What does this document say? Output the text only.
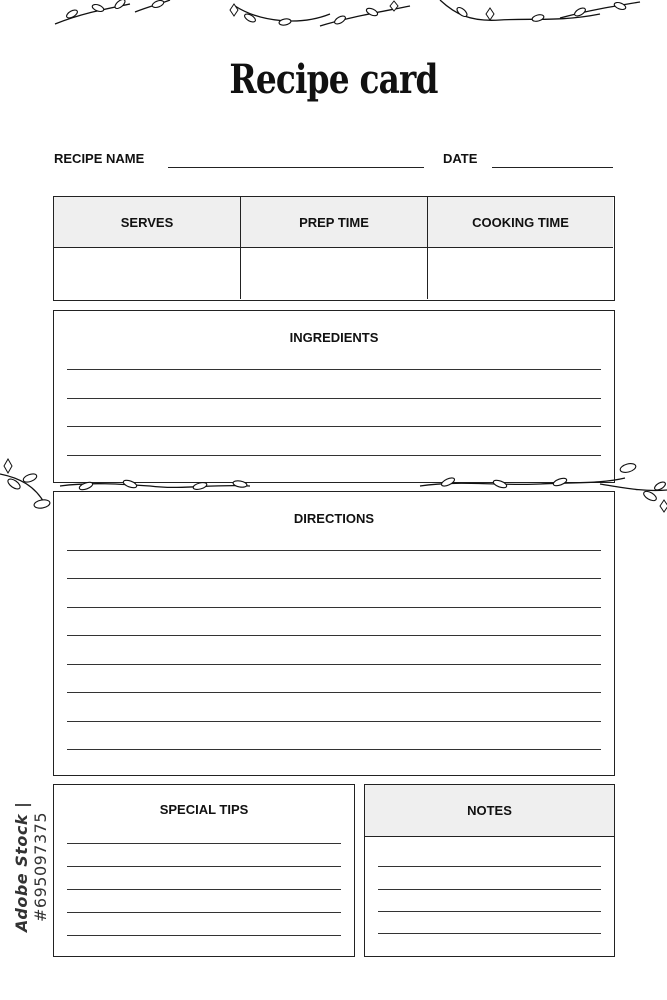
Recipe card
RECIPE NAME	DATE
SERVES	PREP TIME	COOKING TIME
INGREDIENTS
DIRECTIONS
SPECIAL TIPS	NOTES
Adobe Stock | #695097375
